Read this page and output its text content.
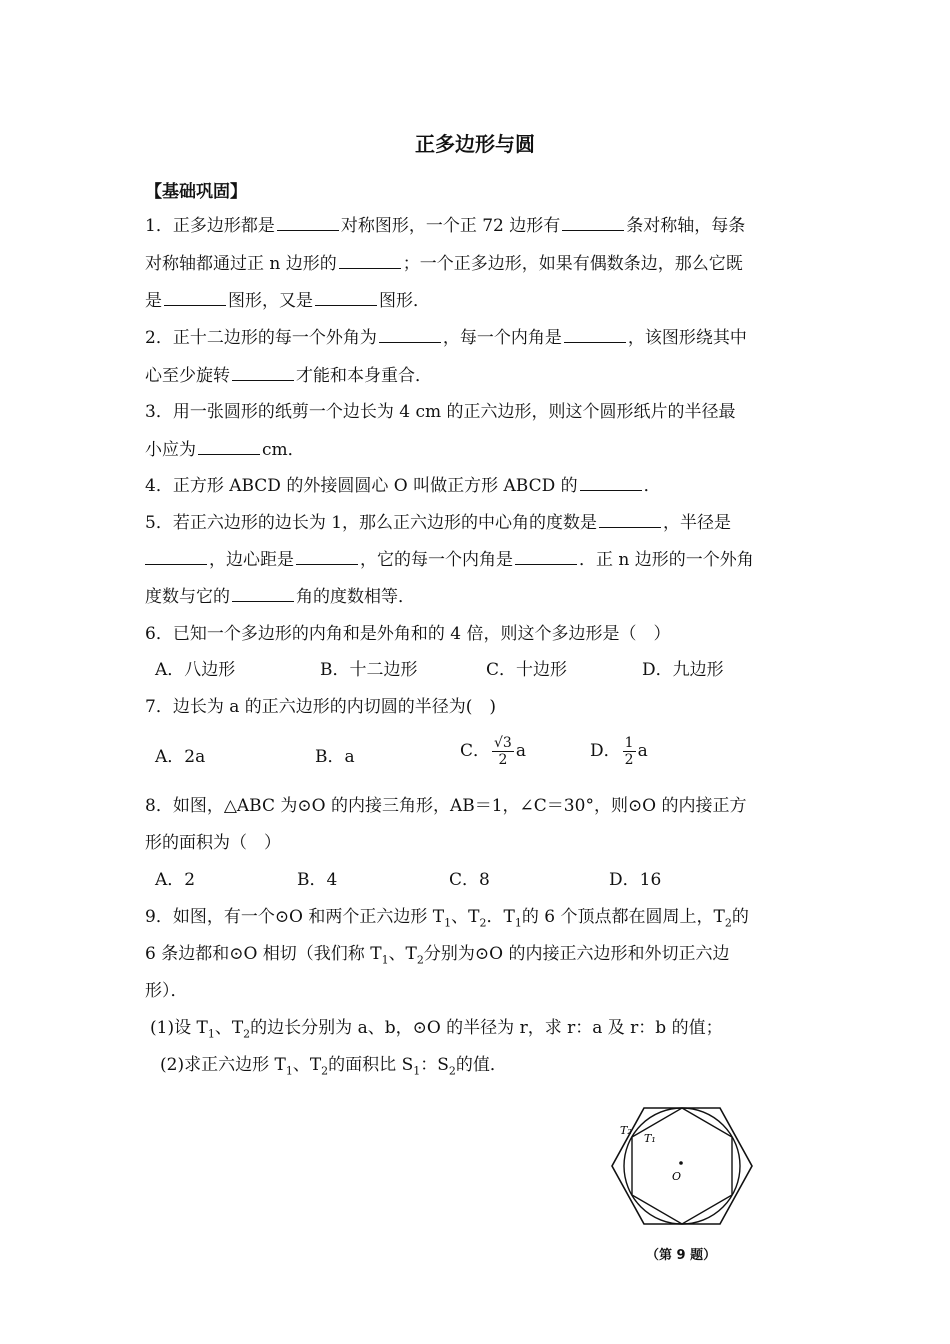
正多边形与圆
【基础巩固】
1．正多边形都是	对称图形，一个正 72 边形有	条对称轴，每条
对称轴都通过正 n 边形的	；一个正多边形，如果有偶数条边，那么它既
是	图形，又是	图形．
2．正十二边形的每一个外角为	，每一个内角是	，该图形绕其中
心至少旋转	才能和本身重合．
3．用一张圆形的纸剪一个边长为 4 cm 的正六边形，则这个圆形纸片的半径最
小应为	cm．
4．正方形 ABCD 的外接圆圆心 O 叫做正方形 ABCD 的	．
5．若正六边形的边长为 1，那么正六边形的中心角的度数是	，半径是
，边心距是	，它的每一个内角是	．正 n 边形的一个外角
度数与它的	角的度数相等．
6．已知一个多边形的内角和是外角和的 4 倍，则这个多边形是（　）
A．八边形	B．十二边形	C．十边形	D．九边形
7．边长为 a 的正六边形的内切圆的半径为(　)
A．2a	B．a	C． $\frac{√3}{2}$ a	D． $\frac{1}{2}$ a
8．如图，△ABC 为⊙O 的内接三角形，AB＝1，∠C＝30°，则⊙O 的内接正方
形的面积为（　）
A．2	B．4	C．8	D．16
9．如图，有一个⊙O 和两个正六边形 $T_1$、$T_2$．$T_1$的 6 个顶点都在圆周上，$T_2$的
6 条边都和⊙O 相切（我们称 $T_1$、$T_2$分别为⊙O 的内接正六边形和外切正六边
形）．
(1)设 $T_1$、$T_2$的边长分别为 a、b，⊙O 的半径为 r，求 r：a 及 r：b 的值；
(2)求正六边形 $T_1$、$T_2$的面积比 $S_1$：$S_2$的值．
T₂
T₁
O
（第 9 题）
